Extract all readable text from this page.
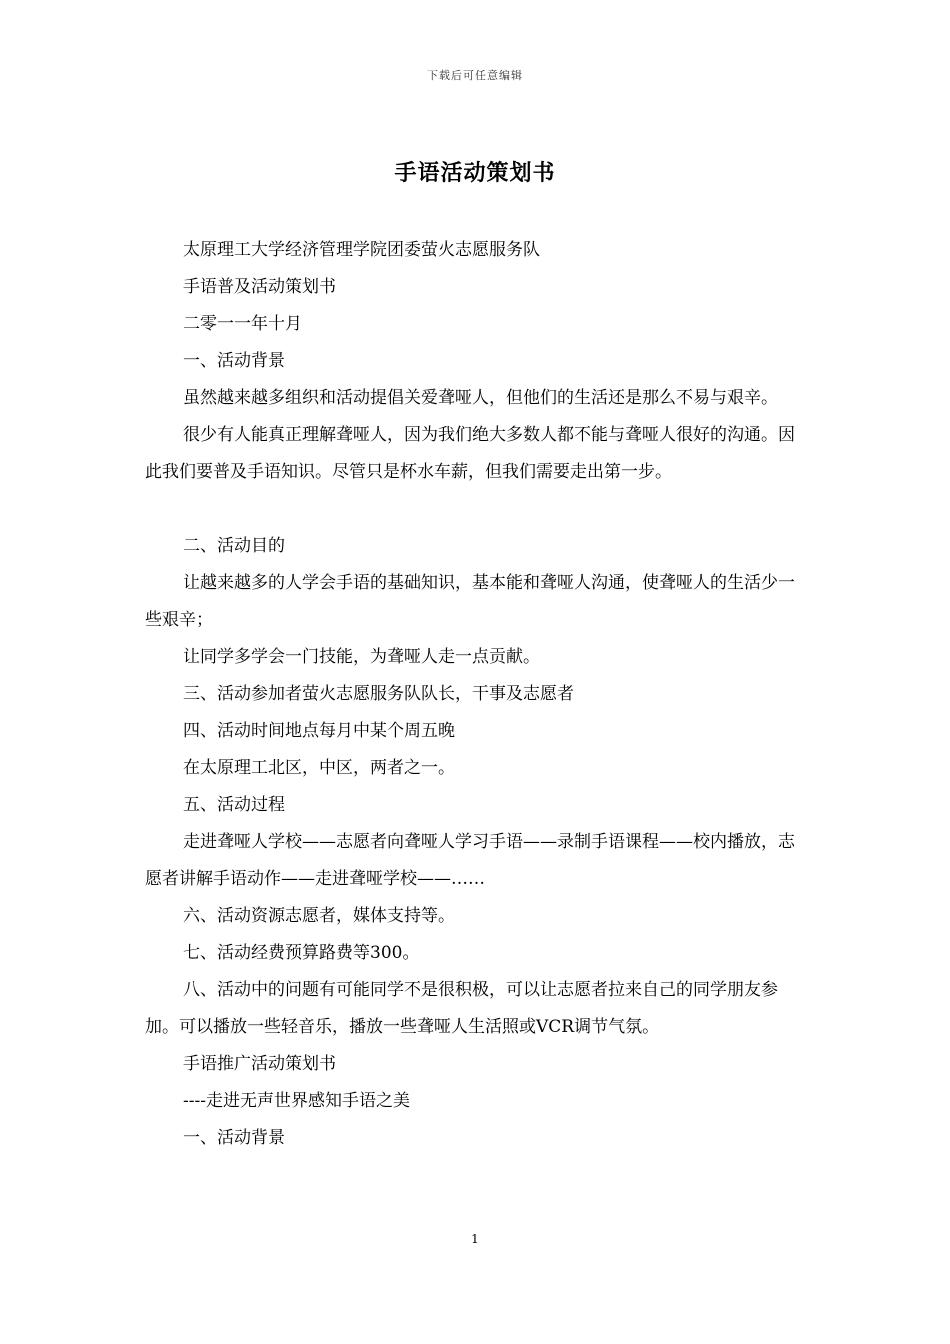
下载后可任意编辑
手语活动策划书

太原理工大学经济管理学院团委萤火志愿服务队

手语普及活动策划书

二零一一年十月

一、活动背景

虽然越来越多组织和活动提倡关爱聋哑人，但他们的生活还是那么不易与艰辛。

很少有人能真正理解聋哑人，因为我们绝大多数人都不能与聋哑人很好的沟通。因此我们要普及手语知识。尽管只是杯水车薪，但我们需要走出第一步。

二、活动目的

让越来越多的人学会手语的基础知识，基本能和聋哑人沟通，使聋哑人的生活少一些艰辛；

让同学多学会一门技能，为聋哑人走一点贡献。

三、活动参加者萤火志愿服务队队长，干事及志愿者

四、活动时间地点每月中某个周五晚

在太原理工北区，中区，两者之一。

五、活动过程

走进聋哑人学校——志愿者向聋哑人学习手语——录制手语课程——校内播放，志愿者讲解手语动作——走进聋哑学校——……

六、活动资源志愿者，媒体支持等。

七、活动经费预算路费等300。

八、活动中的问题有可能同学不是很积极，可以让志愿者拉来自己的同学朋友参加。可以播放一些轻音乐，播放一些聋哑人生活照或VCR调节气氛。

手语推广活动策划书

----走进无声世界感知手语之美

一、活动背景

1
